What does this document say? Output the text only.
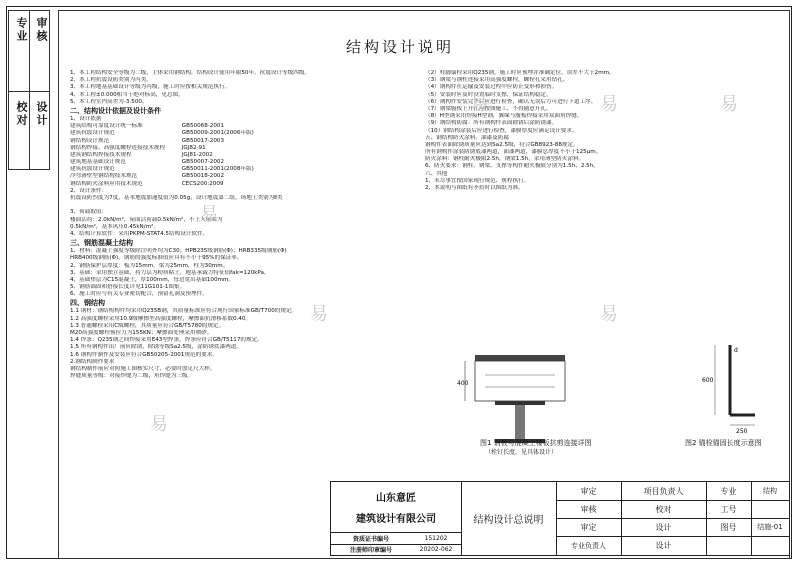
专业 审核
校对 设计
结构设计说明
1、本工程结构安全等级为二级，主体采用钢结构，结构设计使用年限50年。抗震设计等级四级。
2、本工程抗震设防类别为丙类。
3、本工程地基基础设计等级为丙级，施工时应按相关规范执行。
4、本工程±0.000相当于绝对标高，见总图。
5、本工程室内高差为-3.500。
二、结构设计依据及设计条件
1、设计依据
建筑结构可靠度设计统一标准	GB50068-2001
建筑抗震设计规范	GB50009-2001(2006年版)
钢结构设计规范	GB50017-2003
钢结构焊接、高强度螺栓连接技术规程	JGJ82-91
建筑钢结构焊接技术规程	JGJ81-2002
建筑地基基础设计规范	GB50007-2002
建筑抗震设计规范	GB50011-2001(2008年版)
冷弯薄壁型钢结构技术规范	GB50018-2002
钢结构防火涂料应用技术规范	CECS200:2009
2、设计条件：
抗震设防烈度为7度，基本地震加速度值为0.05g，设计地震第二组，场地土类别为Ⅱ类
3、荷载取值：
楼面活荷：2.0kN/m²，屋面活荷载0.5kN/m²，不上人屋面为
0.5kN/m²，基本风压0.45kN/m²。
4、结构计算软件：采用PKPM-STAT4.5结构设计软件。
三、钢筋混凝土结构
1、材料：混凝土强度等级除注明外均为C30；HPB235级钢筋(Φ)；HRB335级钢筋(Φ)
HRB400级钢筋(Φ)，钢筋的强度标准值应具有不小于95%的保证率。
2、钢筋保护层厚度：板为15mm，梁为25mm，柱为30mm。
3、基础：采用独立基础，持力层为粉质粘土，地基承载力特征值fak=120kPa。
4、基础垫层为C15混凝土，厚100mm，每边宽出基础100mm。
5、钢筋锚固和搭接长度详见11G101-1图集。
6、施工时应与有关专业密切配合，预留孔洞及预埋件。
四、钢结构
1.1 钢材：钢结构构件均采用Q235B钢，其质量标准应符合现行国家标准GB/T700的规定。
1.2 高强度螺栓采用10.9级摩擦型高强度螺栓，摩擦面抗滑移系数0.40。
1.3 普通螺栓采用C级螺栓，其质量应符合GB/T5780的规定。
M20高强度螺栓预拉力为155KN；摩擦面处理采用喷砂。
1.4 焊条：Q235钢之间焊接采用E43型焊条，焊条应符合GB/T5117的规定。
1.5 所有钢构件出厂前应除锈，除锈等级Sa2.5级，涂防锈底漆两道。
1.6 钢构件制作及安装应符合GB50205-2001规范的要求。
2.钢结构制作要求
钢结构制作前应对照施工图核实尺寸，必要时放足尺大样。
焊缝质量等级：对接焊缝为二级，角焊缝为三级。
（2）柱脚锚栓采用Q235钢，施工时应预埋并准确定位，误差不大于2mm。
（3）钢梁与钢柱连接采用高强度螺栓，螺栓孔采用钻孔。
（4）钢构件在运输及安装过程中应防止变形和损伤。
（5）安装时应及时设置临时支撑，保证结构稳定。
（6）钢构件安装完毕后应进行检查，确认无误后方可进行下道工序。
（7）钢梁腹板上开孔应按图施工，不得随意开孔。
（8）H型钢采用焊接H型钢，翼缘与腹板焊接采用双面角焊缝。
（9）钢结构防腐：所有钢构件表面除锈后涂防锈漆。
（10）钢结构涂装后应进行检查，漆膜厚度应满足设计要求。
五、钢结构防火涂料、油漆及防腐
钢构件表面除锈质量应达到Sa2.5级，符合GB8923-88规定。
所有钢构件涂装防锈底漆两道，面漆两道，漆膜总厚度不小于125μm。
防火涂料：钢柱耐火极限2.5h，钢梁1.5h，采用薄型防火涂料。
6、防火要求：钢柱、钢梁、支撑等构件耐火极限分别为1.5h、2.5h。
六、其他
1、未尽事宜按国家现行规范、规程执行。
2、本说明与图纸有矛盾时以图纸为准。
400
图1 钢板与混凝土楼板抗剪连接详图
（栓钉长度，见具体设计）
600
250
d
图2 锚栓锚固长度示意图
易	易	易
易
易	易
易
山东意匠
建筑设计有限公司
资质证书编号	151202
注册师印章编号	20202-062
结构设计总说明
审定	项目负责人	专业	结构
审核	校对	工号
审定	设计	图号	结施-01
专业负责人	设计
